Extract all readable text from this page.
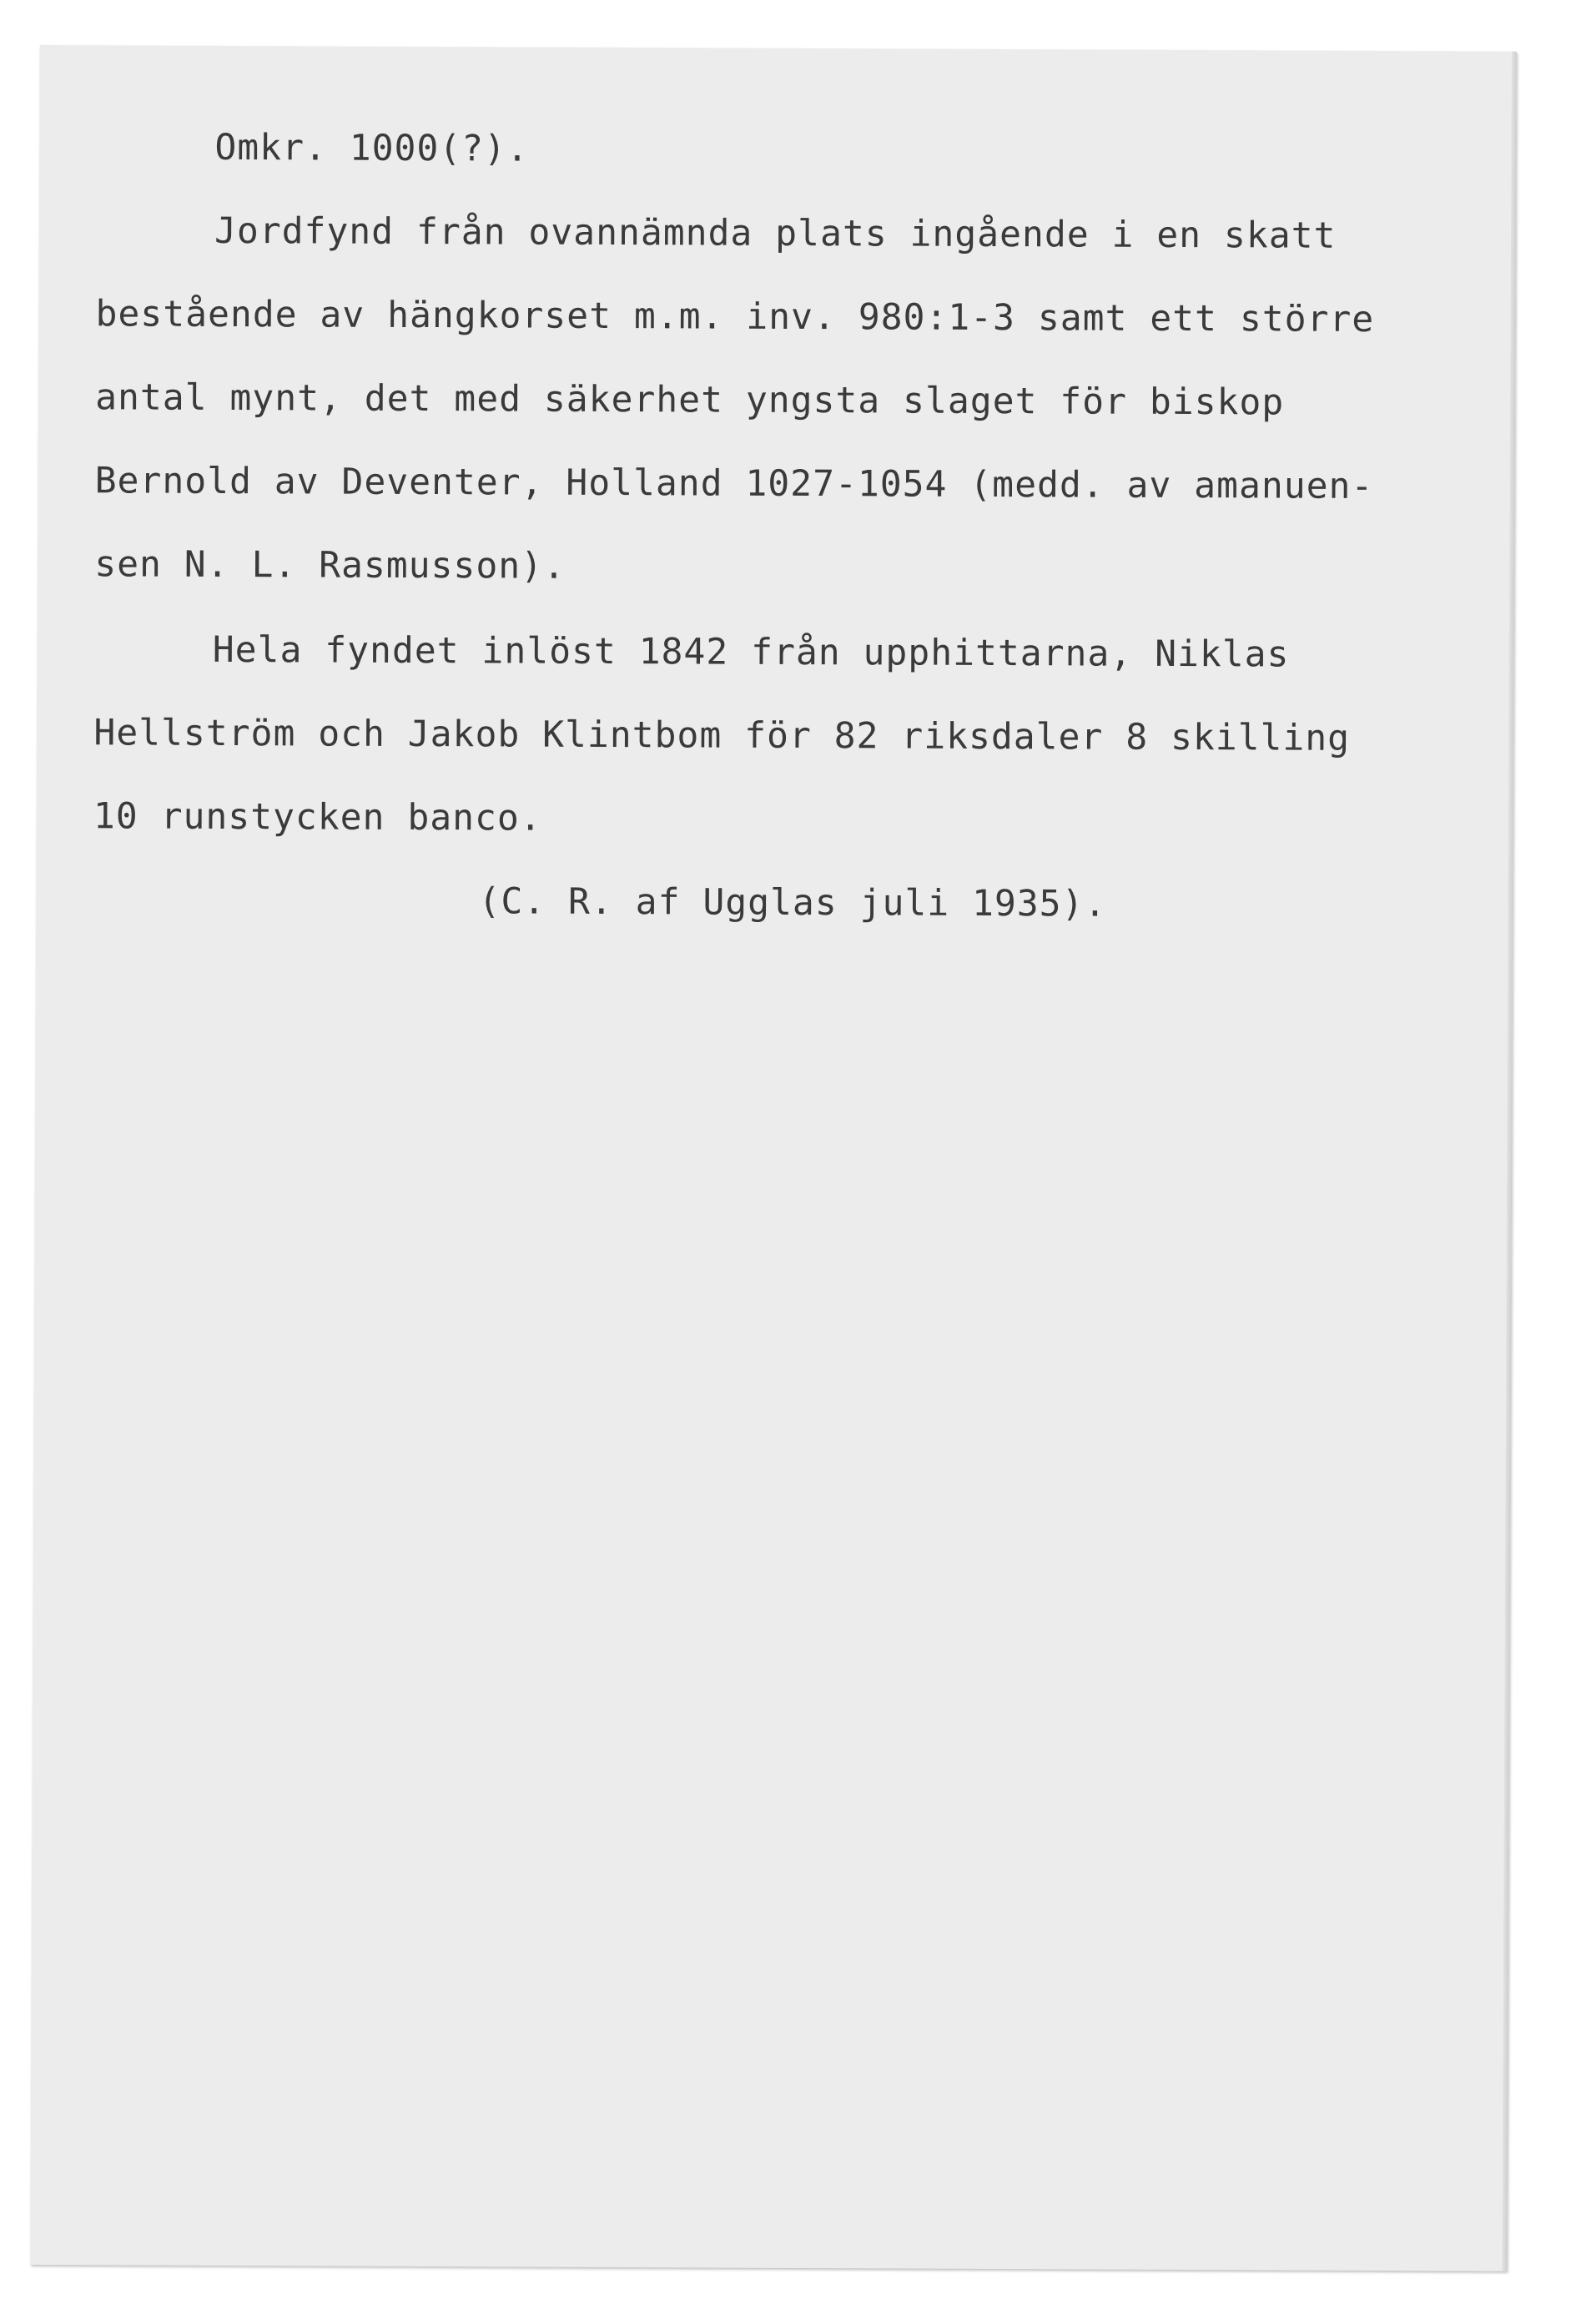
Omkr. 1000(?).

Jordfynd från ovannämnda plats ingående i en skatt

bestående av hängkorset m.m. inv. 980:1-3 samt ett större

antal mynt, det med säkerhet yngsta slaget för biskop

Bernold av Deventer, Holland 1027-1054 (medd. av amanuen-

sen N. L. Rasmusson).

Hela fyndet inlöst 1842 från upphittarna, Niklas

Hellström och Jakob Klintbom för 82 riksdaler 8 skilling

10 runstycken banco.

(C. R. af Ugglas juli 1935).
